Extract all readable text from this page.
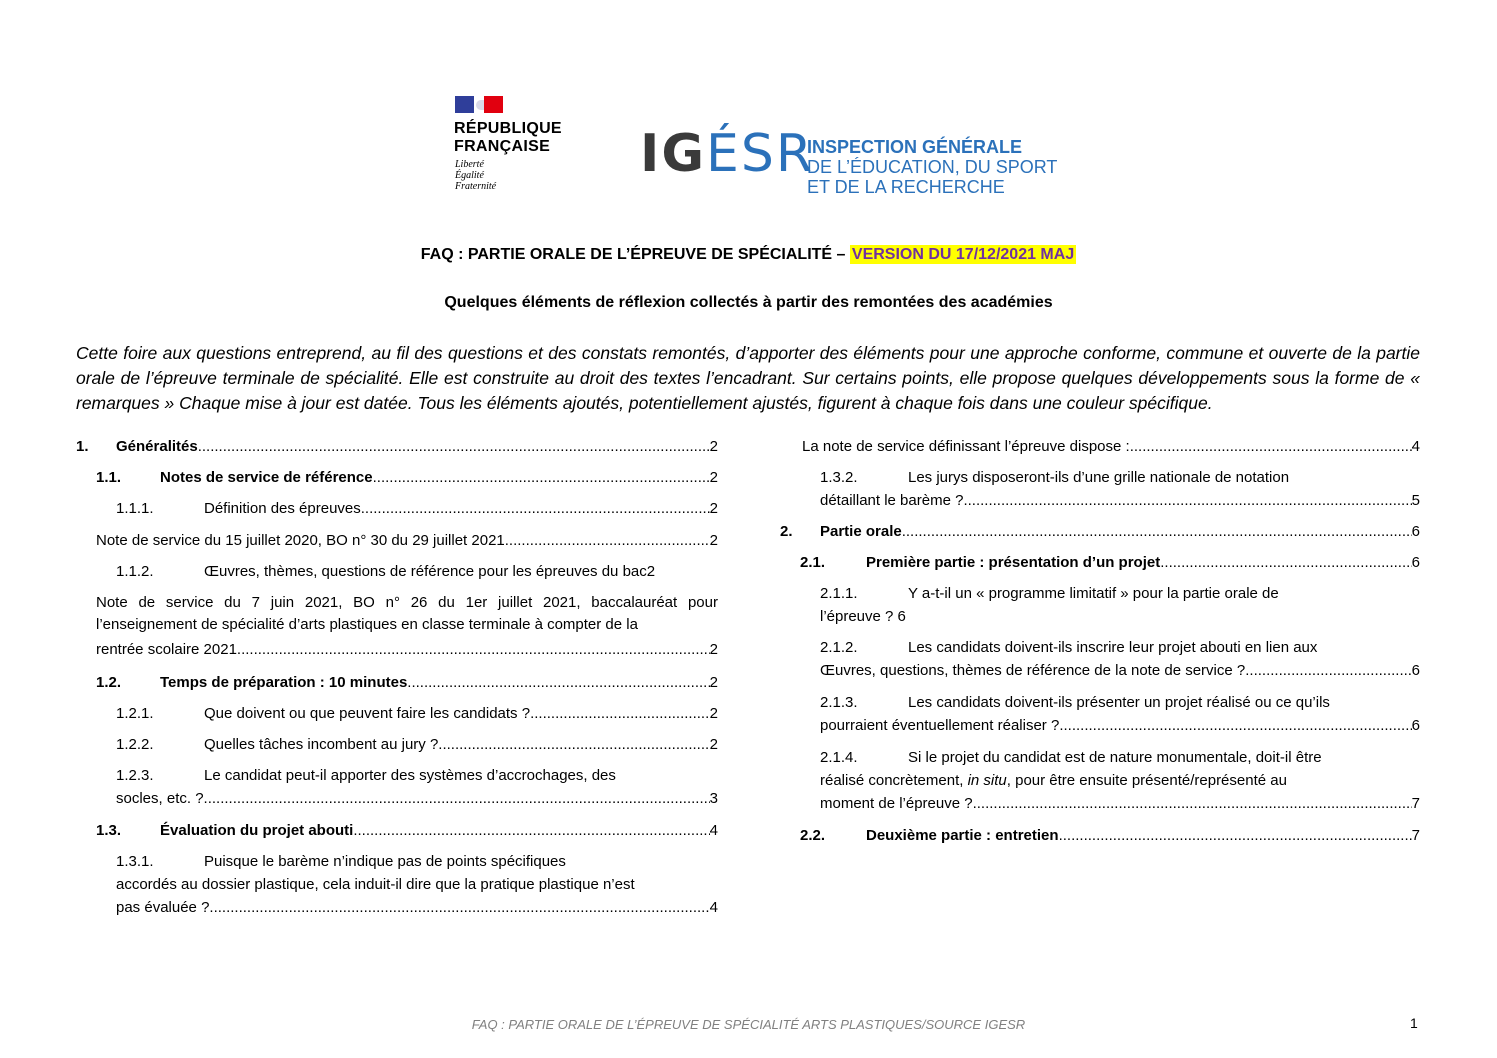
RÉPUBLIQUE
FRANÇAISE
Liberté
Égalité
Fraternité
IGÉSR
INSPECTION GÉNÉRALE
DE L’ÉDUCATION, DU SPORT
ET DE LA RECHERCHE
FAQ : PARTIE ORALE DE L’ÉPREUVE DE SPÉCIALITÉ – VERSION DU 17/12/2021 MAJ
Quelques éléments de réflexion collectés à partir des remontées des académies
Cette foire aux questions entreprend, au fil des questions et des constats remontés, d’apporter des éléments pour une approche conforme, commune et ouverte de la partie orale de l’épreuve terminale de spécialité. Elle est construite au droit des textes l’encadrant. Sur certains points, elle propose quelques développements sous la forme de « remarques » Chaque mise à jour est datée. Tous les éléments ajoutés, potentiellement ajustés, figurent à chaque fois dans une couleur spécifique.
1.	Généralités .....	2
1.1.	Notes de service de référence .....	2
1.1.1.	Définition des épreuves .....	2
Note de service du 15 juillet 2020, BO n° 30 du 29 juillet 2021 .....	2
1.1.2.	Œuvres, thèmes, questions de référence pour les épreuves du bac 2
Note de service du 7 juin 2021, BO n° 26 du 1er juillet 2021, baccalauréat pour l’enseignement de spécialité d’arts plastiques en classe terminale à compter de la
rentrée scolaire 2021 .....	2
1.2.	Temps de préparation : 10 minutes .....	2
1.2.1.	Que doivent ou que peuvent faire les candidats ? .....	2
1.2.2.	Quelles tâches incombent au jury ? .....	2
1.2.3.	Le candidat peut-il apporter des systèmes d’accrochages, des
socles, etc. ? .....	3
1.3.	Évaluation du projet abouti .....	4
1.3.1.	Puisque le barème n’indique pas de points spécifiques
accordés au dossier plastique, cela induit-il dire que la pratique plastique n’est
pas évaluée ? .....	4
La note de service définissant l’épreuve dispose : .....	4
1.3.2.	Les jurys disposeront-ils d’une grille nationale de notation
détaillant le barème ? .....	5
2.	Partie orale .....	6
2.1.	Première partie : présentation d’un projet .....	6
2.1.1.	Y a-t-il un « programme limitatif » pour la partie orale de
l’épreuve ? 6
2.1.2.	Les candidats doivent-ils inscrire leur projet abouti en lien aux
Œuvres, questions, thèmes de référence de la note de service ? .....	6
2.1.3.	Les candidats doivent-ils présenter un projet réalisé ou ce qu’ils
pourraient éventuellement réaliser ? .....	6
2.1.4.	Si le projet du candidat est de nature monumentale, doit-il être
réalisé concrètement,
in situ , pour être ensuite présenté/représenté au
moment de l’épreuve ? .....	7
2.2.	Deuxième partie : entretien .....	7
FAQ : PARTIE ORALE DE L’ÉPREUVE DE SPÉCIALITÉ ARTS PLASTIQUES/SOURCE IGESR	1
